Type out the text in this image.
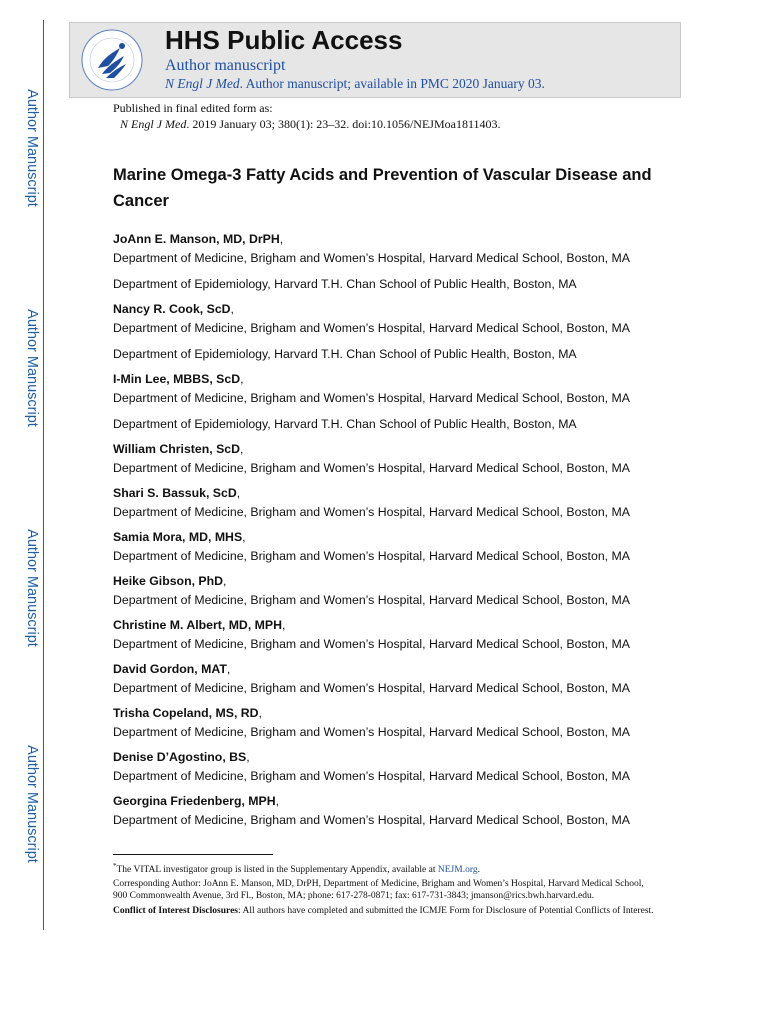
Author Manuscript
Author Manuscript
Author Manuscript
Author Manuscript
HHS Public Access
Author manuscript
N Engl J Med. Author manuscript; available in PMC 2020 January 03.
Published in final edited form as:
N Engl J Med. 2019 January 03; 380(1): 23–32. doi:10.1056/NEJMoa1811403.
Marine Omega-3 Fatty Acids and Prevention of Vascular Disease and Cancer
JoAnn E. Manson, MD, DrPH,
Department of Medicine, Brigham and Women’s Hospital, Harvard Medical School, Boston, MA
Department of Epidemiology, Harvard T.H. Chan School of Public Health, Boston, MA
Nancy R. Cook, ScD,
Department of Medicine, Brigham and Women’s Hospital, Harvard Medical School, Boston, MA
Department of Epidemiology, Harvard T.H. Chan School of Public Health, Boston, MA
I-Min Lee, MBBS, ScD,
Department of Medicine, Brigham and Women’s Hospital, Harvard Medical School, Boston, MA
Department of Epidemiology, Harvard T.H. Chan School of Public Health, Boston, MA
William Christen, ScD,
Department of Medicine, Brigham and Women’s Hospital, Harvard Medical School, Boston, MA
Shari S. Bassuk, ScD,
Department of Medicine, Brigham and Women’s Hospital, Harvard Medical School, Boston, MA
Samia Mora, MD, MHS,
Department of Medicine, Brigham and Women’s Hospital, Harvard Medical School, Boston, MA
Heike Gibson, PhD,
Department of Medicine, Brigham and Women’s Hospital, Harvard Medical School, Boston, MA
Christine M. Albert, MD, MPH,
Department of Medicine, Brigham and Women’s Hospital, Harvard Medical School, Boston, MA
David Gordon, MAT,
Department of Medicine, Brigham and Women’s Hospital, Harvard Medical School, Boston, MA
Trisha Copeland, MS, RD,
Department of Medicine, Brigham and Women’s Hospital, Harvard Medical School, Boston, MA
Denise D’Agostino, BS,
Department of Medicine, Brigham and Women’s Hospital, Harvard Medical School, Boston, MA
Georgina Friedenberg, MPH,
Department of Medicine, Brigham and Women’s Hospital, Harvard Medical School, Boston, MA
*The VITAL investigator group is listed in the Supplementary Appendix, available at NEJM.org.
Corresponding Author: JoAnn E. Manson, MD, DrPH, Department of Medicine, Brigham and Women’s Hospital, Harvard Medical School, 900 Commonwealth Avenue, 3rd Fl., Boston, MA; phone: 617-278-0871; fax: 617-731-3843; jmanson@rics.bwh.harvard.edu.
Conflict of Interest Disclosures: All authors have completed and submitted the ICMJE Form for Disclosure of Potential Conflicts of Interest.
